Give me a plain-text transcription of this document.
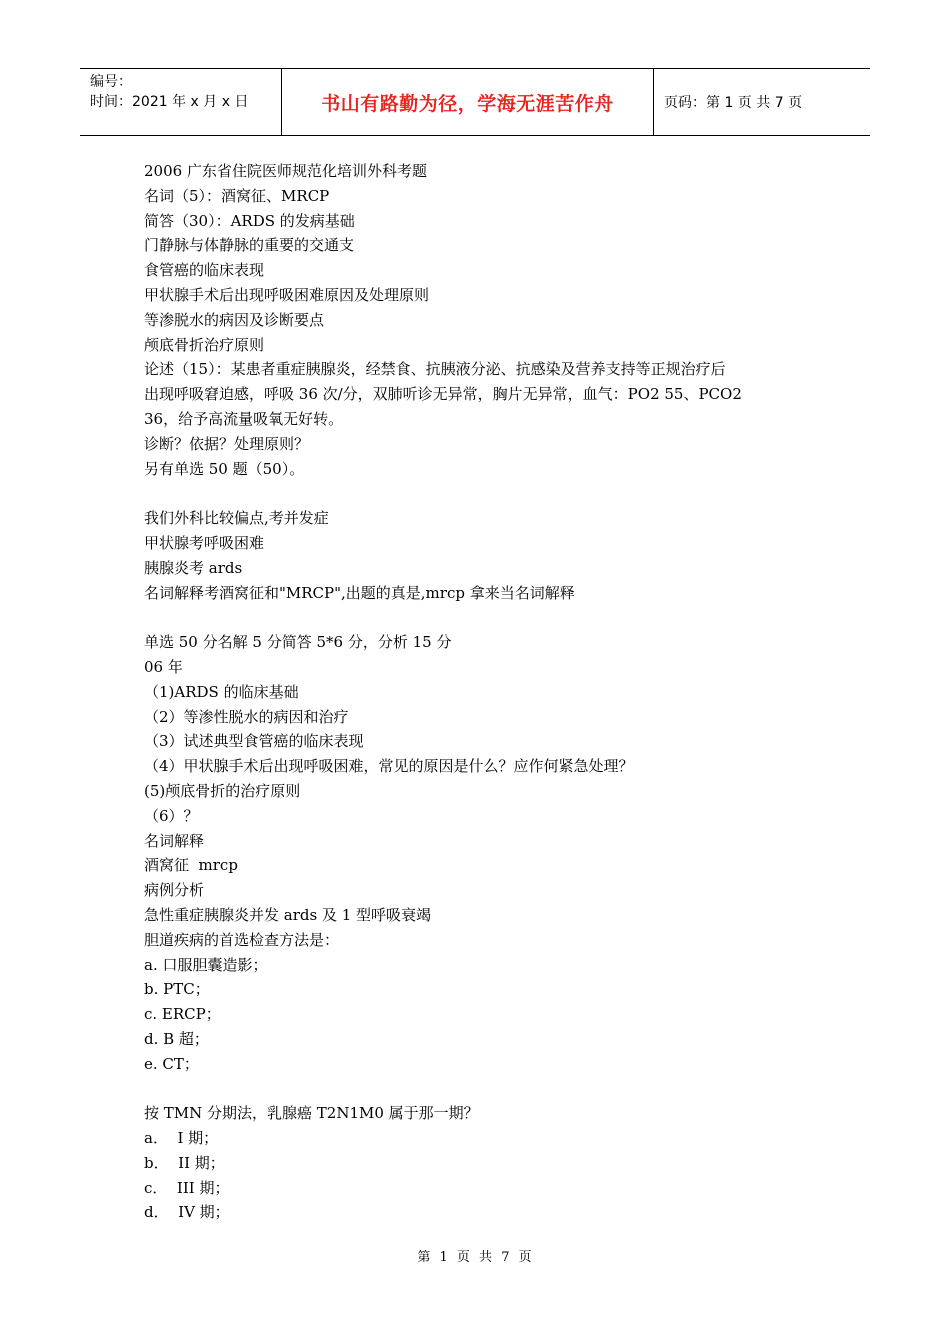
编号：
时间：2021 年 x 月 x 日	书山有路勤为径，学海无涯苦作舟	页码：第 1 页 共 7 页
2006 广东省住院医师规范化培训外科考题
名词（5）：酒窝征、MRCP
简答（30）：ARDS 的发病基础
门静脉与体静脉的重要的交通支
食管癌的临床表现
甲状腺手术后出现呼吸困难原因及处理原则
等渗脱水的病因及诊断要点
颅底骨折治疗原则
论述（15）：某患者重症胰腺炎，经禁食、抗胰液分泌、抗感染及营养支持等正规治疗后
出现呼吸窘迫感，呼吸 36 次/分，双肺听诊无异常，胸片无异常，血气：PO2 55、PCO2
36，给予高流量吸氧无好转。
诊断？依据？处理原则？
另有单选 50 题（50）。
我们外科比较偏点,考并发症
甲状腺考呼吸困难
胰腺炎考 ards
名词解释考酒窝征和"MRCP",出题的真是,mrcp 拿来当名词解释
单选 50 分名解 5 分简答 5*6 分，分析 15 分
06 年
（1)ARDS 的临床基础
（2）等渗性脱水的病因和治疗
（3）试述典型食管癌的临床表现
（4）甲状腺手术后出现呼吸困难，常见的原因是什么？应作何紧急处理？
(5)颅底骨折的治疗原则
（6）？
名词解释
酒窝征  mrcp
病例分析
急性重症胰腺炎并发 ards 及 1 型呼吸衰竭
胆道疾病的首选检查方法是：
a. 口服胆囊造影；
b. PTC；
c. ERCP；
d. B 超；
e. CT；
按 TMN 分期法，乳腺癌 T2N1M0 属于那一期？
a．  I 期；
b．  II 期；
c．  III 期；
d．  IV 期；
第 1 页 共 7 页
